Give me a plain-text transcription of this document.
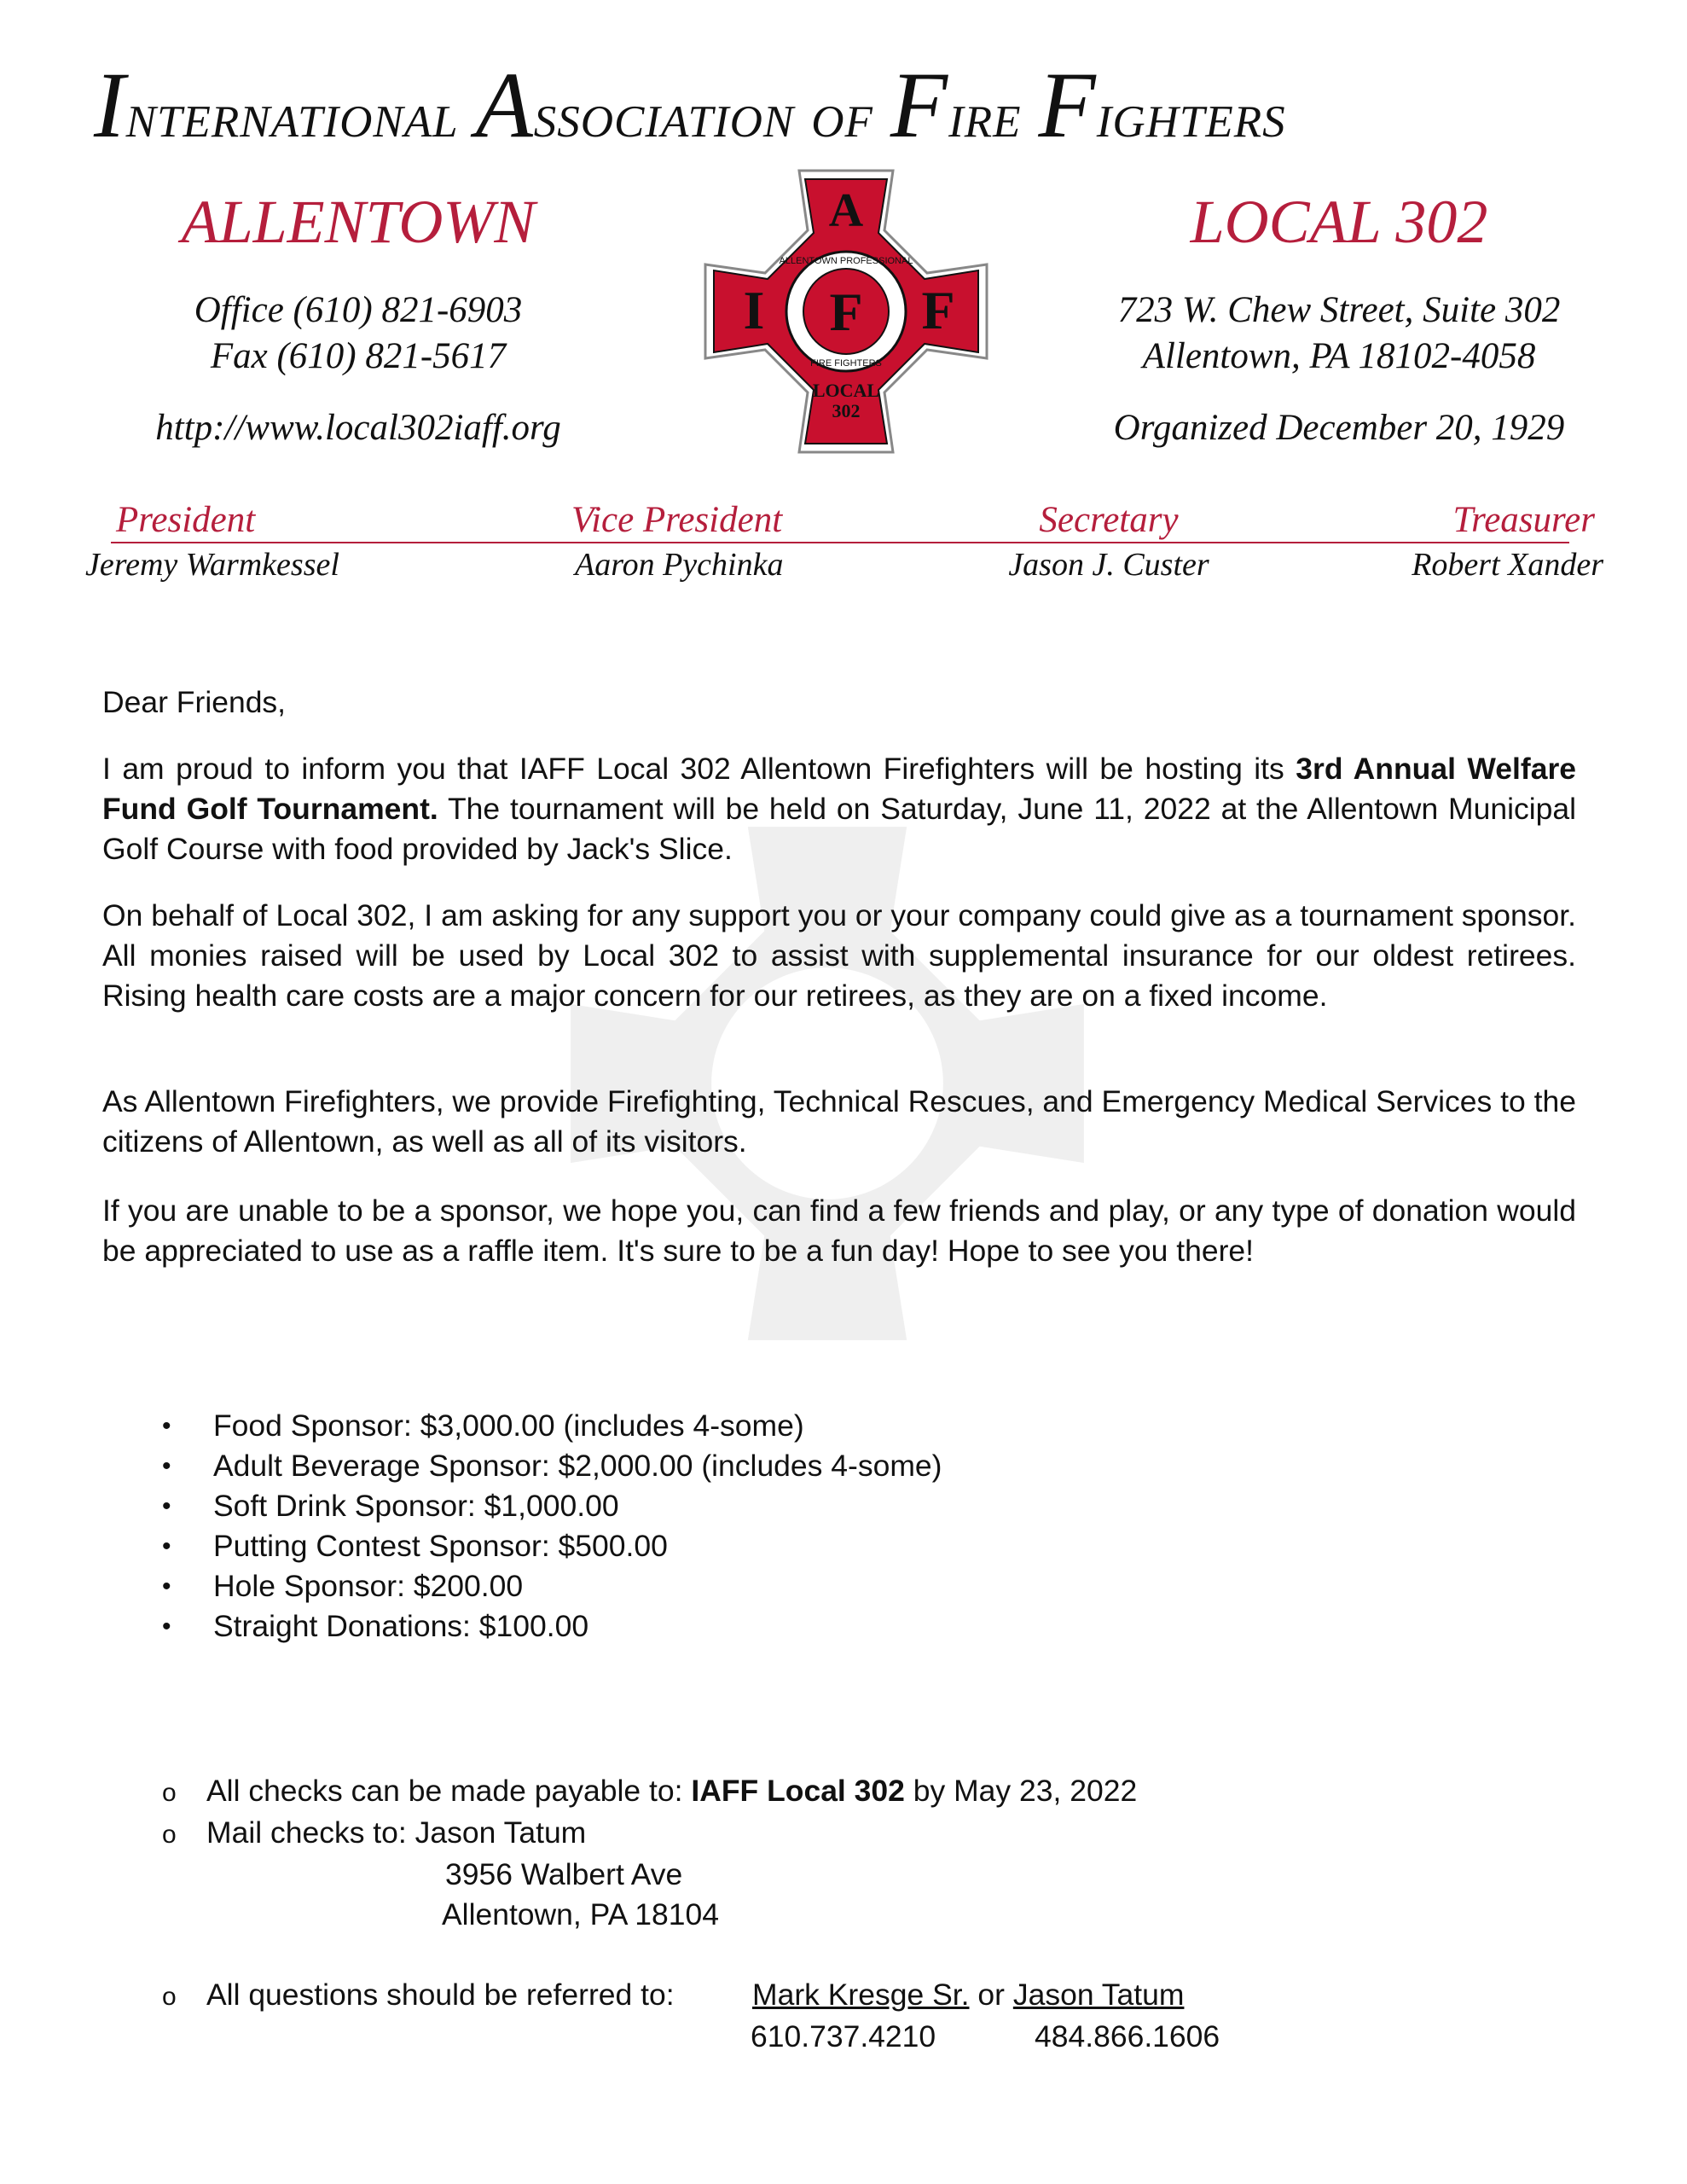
International Association of Fire Fighters
ALLENTOWN
Office (610) 821-6903
Fax (610) 821-5617
http://www.local302iaff.org
A
I F F
ALLENTOWN PROFESSIONAL
FIRE FIGHTERS
LOCAL
302
LOCAL 302
723 W. Chew Street, Suite 302
Allentown, PA 18102-4058
Organized December 20, 1929
President
Jeremy Warmkessel
Vice President
Aaron Pychinka
Secretary
Jason J. Custer
Treasurer
Robert Xander
Dear Friends,
I am proud to inform you that IAFF Local 302 Allentown Firefighters will be hosting its 3rd Annual Welfare Fund Golf Tournament. The tournament will be held on Saturday, June 11, 2022 at the Allentown Municipal Golf Course with food provided by Jack's Slice.
On behalf of Local 302, I am asking for any support you or your company could give as a tournament sponsor. All monies raised will be used by Local 302 to assist with supplemental insurance for our oldest retirees. Rising health care costs are a major concern for our retirees, as they are on a fixed income.
As Allentown Firefighters, we provide Firefighting, Technical Rescues, and Emergency Medical Services to the citizens of Allentown, as well as all of its visitors.
If you are unable to be a sponsor, we hope you, can find a few friends and play, or any type of donation would be appreciated to use as a raffle item. It's sure to be a fun day! Hope to see you there!
•	Food Sponsor: $3,000.00 (includes 4-some)
•	Adult Beverage Sponsor: $2,000.00 (includes 4-some)
•	Soft Drink Sponsor: $1,000.00
•	Putting Contest Sponsor: $500.00
•	Hole Sponsor: $200.00
•	Straight Donations: $100.00
o All checks can be made payable to: IAFF Local 302 by May 23, 2022
o Mail checks to: Jason Tatum
3956 Walbert Ave
Allentown, PA 18104
o All questions should be referred to:	Mark Kresge Sr. or Jason Tatum
610.737.4210	484.866.1606
